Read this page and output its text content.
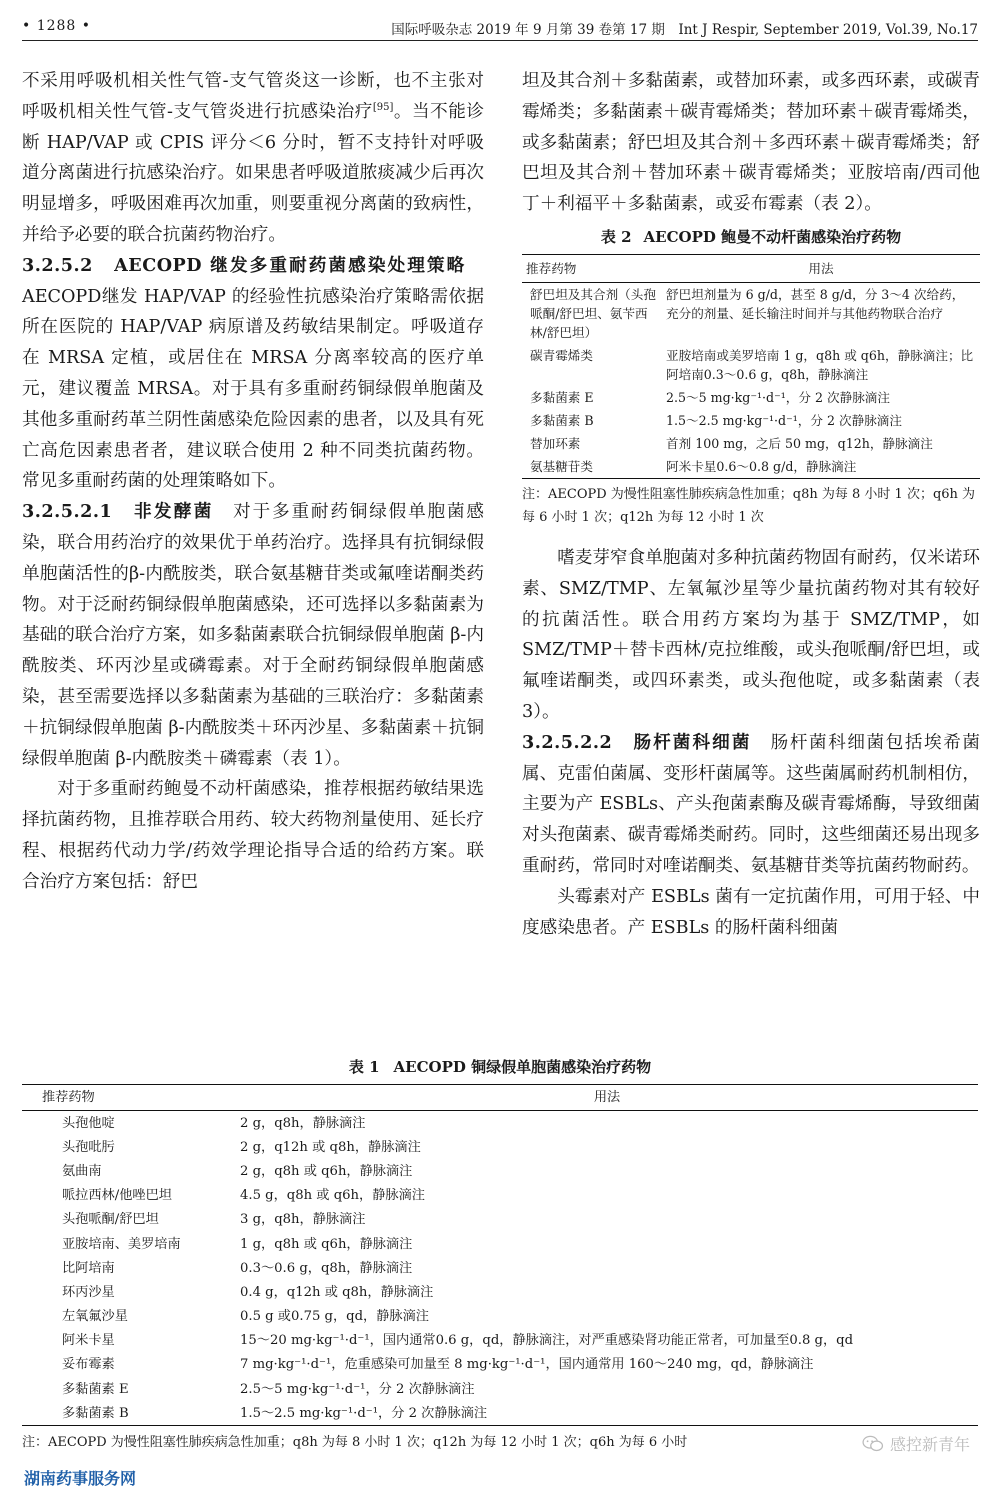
• 1288 •	国际呼吸杂志 2019 年 9 月第 39 卷第 17 期　Int J Respir, September 2019, Vol.39, No.17

不采用呼吸机相关性气管-支气管炎这一诊断，也不主张对呼吸机相关性气管-支气管炎进行抗感染治疗[95]。当不能诊断 HAP/VAP 或 CPIS 评分＜6 分时，暂不支持针对呼吸道分离菌进行抗感染治疗。如果患者呼吸道脓痰减少后再次明显增多，呼吸困难再次加重，则要重视分离菌的致病性，并给予必要的联合抗菌药物治疗。

3.2.5.2　AECOPD 继发多重耐药菌感染处理策略　AECOPD继发 HAP/VAP 的经验性抗感染治疗策略需依据所在医院的 HAP/VAP 病原谱及药敏结果制定。呼吸道存在 MRSA 定植，或居住在 MRSA 分离率较高的医疗单元，建议覆盖 MRSA。对于具有多重耐药铜绿假单胞菌及其他多重耐药革兰阴性菌感染危险因素的患者，以及具有死亡高危因素患者者，建议联合使用 2 种不同类抗菌药物。常见多重耐药菌的处理策略如下。

3.2.5.2.1　非发酵菌　对于多重耐药铜绿假单胞菌感染，联合用药治疗的效果优于单药治疗。选择具有抗铜绿假单胞菌活性的β-内酰胺类，联合氨基糖苷类或氟喹诺酮类药物。对于泛耐药铜绿假单胞菌感染，还可选择以多黏菌素为基础的联合治疗方案，如多黏菌素联合抗铜绿假单胞菌 β-内酰胺类、环丙沙星或磷霉素。对于全耐药铜绿假单胞菌感染，甚至需要选择以多黏菌素为基础的三联治疗：多黏菌素＋抗铜绿假单胞菌 β-内酰胺类＋环丙沙星、多黏菌素＋抗铜绿假单胞菌 β-内酰胺类＋磷霉素（表 1）。

对于多重耐药鲍曼不动杆菌感染，推荐根据药敏结果选择抗菌药物，且推荐联合用药、较大药物剂量使用、延长疗程、根据药代动力学/药效学理论指导合适的给药方案。联合治疗方案包括：舒巴

坦及其合剂＋多黏菌素，或替加环素，或多西环素，或碳青霉烯类；多黏菌素＋碳青霉烯类；替加环素＋碳青霉烯类，或多黏菌素；舒巴坦及其合剂＋多西环素＋碳青霉烯类；舒巴坦及其合剂＋替加环素＋碳青霉烯类；亚胺培南/西司他丁＋利福平＋多黏菌素，或妥布霉素（表 2）。

表 2 AECOPD 鲍曼不动杆菌感染治疗药物
推荐药物	用法
舒巴坦及其合剂（头孢哌酮/舒巴坦、氨苄西林/舒巴坦）	舒巴坦剂量为 6 g/d，甚至 8 g/d，分 3～4 次给药，充分的剂量、延长输注时间并与其他药物联合治疗
碳青霉烯类	亚胺培南或美罗培南 1 g，q8h 或 q6h，静脉滴注；比阿培南0.3～0.6 g，q8h，静脉滴注
多黏菌素 E	2.5～5 mg·kg⁻¹·d⁻¹，分 2 次静脉滴注
多黏菌素 B	1.5～2.5 mg·kg⁻¹·d⁻¹，分 2 次静脉滴注
替加环素	首剂 100 mg，之后 50 mg，q12h，静脉滴注
氨基糖苷类	阿米卡星0.6～0.8 g/d，静脉滴注
注：AECOPD 为慢性阻塞性肺疾病急性加重；q8h 为每 8 小时 1 次；q6h 为每 6 小时 1 次；q12h 为每 12 小时 1 次

嗜麦芽窄食单胞菌对多种抗菌药物固有耐药，仅米诺环素、SMZ/TMP、左氧氟沙星等少量抗菌药物对其有较好的抗菌活性。联合用药方案均为基于 SMZ/TMP，如 SMZ/TMP＋替卡西林/克拉维酸，或头孢哌酮/舒巴坦，或氟喹诺酮类，或四环素类，或头孢他啶，或多黏菌素（表 3）。

3.2.5.2.2　肠杆菌科细菌　肠杆菌科细菌包括埃希菌属、克雷伯菌属、变形杆菌属等。这些菌属耐药机制相仿，主要为产 ESBLs、产头孢菌素酶及碳青霉烯酶，导致细菌对头孢菌素、碳青霉烯类耐药。同时，这些细菌还易出现多重耐药，常同时对喹诺酮类、氨基糖苷类等抗菌药物耐药。

头霉素对产 ESBLs 菌有一定抗菌作用，可用于轻、中度感染患者。产 ESBLs 的肠杆菌科细菌

表 1 AECOPD 铜绿假单胞菌感染治疗药物
推荐药物	用法
头孢他啶	2 g，q8h，静脉滴注
头孢吡肟	2 g，q12h 或 q8h，静脉滴注
氨曲南	2 g，q8h 或 q6h，静脉滴注
哌拉西林/他唑巴坦	4.5 g，q8h 或 q6h，静脉滴注
头孢哌酮/舒巴坦	3 g，q8h，静脉滴注
亚胺培南、美罗培南	1 g，q8h 或 q6h，静脉滴注
比阿培南	0.3～0.6 g，q8h，静脉滴注
环丙沙星	0.4 g，q12h 或 q8h，静脉滴注
左氧氟沙星	0.5 g 或0.75 g，qd，静脉滴注
阿米卡星	15～20 mg·kg⁻¹·d⁻¹，国内通常0.6 g，qd，静脉滴注，对严重感染肾功能正常者，可加量至0.8 g，qd
妥布霉素	7 mg·kg⁻¹·d⁻¹，危重感染可加量至 8 mg·kg⁻¹·d⁻¹，国内通常用 160～240 mg，qd，静脉滴注
多黏菌素 E	2.5～5 mg·kg⁻¹·d⁻¹，分 2 次静脉滴注
多黏菌素 B	1.5～2.5 mg·kg⁻¹·d⁻¹，分 2 次静脉滴注
注：AECOPD 为慢性阻塞性肺疾病急性加重；q8h 为每 8 小时 1 次；q12h 为每 12 小时 1 次；q6h 为每 6 小时	感控新青年
湖南药事服务网
